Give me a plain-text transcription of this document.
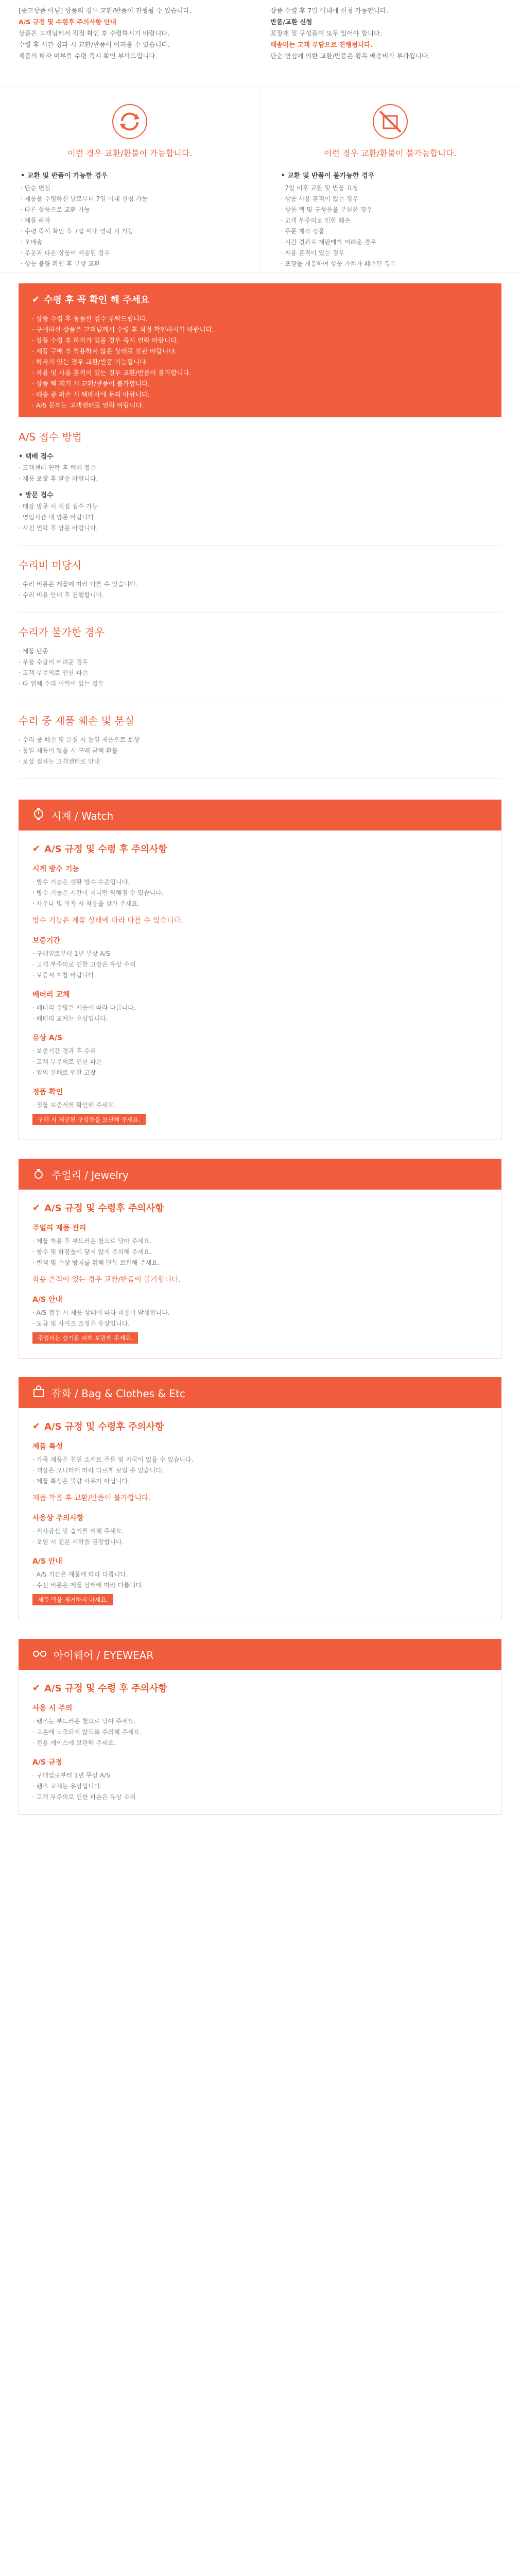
[중고상품 아님] 상품의 경우 교환/반품이 진행될 수 있습니다.
A/S 규정 및 수령후 주의사항 안내
상품은 고객님께서 직접 확인 후 수령하시기 바랍니다.
수령 후 시간 경과 시 교환/반품이 어려울 수 있습니다.
제품의 하자 여부를 수령 즉시 확인 부탁드립니다.
상품 수령 후 7일 이내에 신청 가능합니다.
반품/교환 신청
포장재 및 구성품이 모두 있어야 합니다.
배송비는 고객 부담으로 진행됩니다.
단순 변심에 의한 교환/반품은 왕복 배송비가 부과됩니다.
이런 경우 교환/환불이 가능합니다.
• 교환 및 반품이 가능한 경우
· 단순 변심
· 제품을 수령하신 날로부터 7일 이내 신청 가능
· 다른 상품으로 교환 가능
· 제품 하자
· 수령 즉시 확인 후 7일 이내 연락 시 가능
· 오배송
· 주문과 다른 상품이 배송된 경우
· 상품 불량 확인 후 무상 교환
이런 경우 교환/환불이 불가능합니다.
• 교환 및 반품이 불가능한 경우
· 7일 이후 교환 및 반품 요청
· 상품 사용 흔적이 있는 경우
· 상품 택 및 구성품을 분실한 경우
· 고객 부주의로 인한 훼손
· 주문 제작 상품
· 시간 경과로 재판매가 어려운 경우
· 착용 흔적이 있는 경우
· 포장을 개봉하여 상품 가치가 훼손된 경우
✔ 수령 후 꼭 확인 해 주세요
· 상품 수령 후 꼼꼼한 검수 부탁드립니다.
· 구매하신 상품은 고객님께서 수령 후 직접 확인하시기 바랍니다.
· 상품 수령 후 하자가 있을 경우 즉시 연락 바랍니다.
· 제품 구매 후 착용하지 않은 상태로 보관 바랍니다.
· 하자가 있는 경우 교환/반품 가능합니다.
· 착용 및 사용 흔적이 있는 경우 교환/반품이 불가합니다.
· 상품 택 제거 시 교환/반품이 불가합니다.
· 배송 중 파손 시 택배사에 문의 바랍니다.
· A/S 문의는 고객센터로 연락 바랍니다.
A/S 접수 방법
• 택배 접수
· 고객센터 연락 후 택배 접수
· 제품 포장 후 발송 바랍니다.
• 방문 접수
· 매장 방문 시 직접 접수 가능
· 영업시간 내 방문 바랍니다.
· 사전 연락 후 방문 바랍니다.
수리비 미당시
· 수리 비용은 제품에 따라 다를 수 있습니다.
· 수리 비용 안내 후 진행합니다.
수리가 불가한 경우
· 제품 단종
· 부품 수급이 어려운 경우
· 고객 부주의로 인한 파손
· 타 업체 수리 이력이 있는 경우
수리 중 제품 훼손 및 분실
· 수리 중 훼손 및 분실 시 동일 제품으로 보상
· 동일 제품이 없을 시 구매 금액 환불
· 보상 절차는 고객센터로 안내
시계 / Watch
✔ A/S 규정 및 수령 후 주의사항
시계 방수 기능
· 방수 기능은 생활 방수 수준입니다.
· 방수 기능은 시간이 지나면 약해질 수 있습니다.
· 사우나 및 목욕 시 착용을 삼가 주세요.
방수 기능은 제품 상태에 따라 다를 수 있습니다.
보증기간
· 구매일로부터 1년 무상 A/S
· 고객 부주의로 인한 고장은 유상 수리
· 보증서 지참 바랍니다.
배터리 교체
· 배터리 수명은 제품에 따라 다릅니다.
· 배터리 교체는 유상입니다.
유상 A/S
· 보증기간 경과 후 수리
· 고객 부주의로 인한 파손
· 임의 분해로 인한 고장
정품 확인
· 정품 보증서를 확인해 주세요.
구매 시 제공된 구성품을 보관해 주세요.
주얼리 / Jewelry
✔ A/S 규정 및 수령후 주의사항
주얼리 제품 관리
· 제품 착용 후 부드러운 천으로 닦아 주세요.
· 향수 및 화장품에 닿지 않게 주의해 주세요.
· 변색 및 손상 방지를 위해 단독 보관해 주세요.
착용 흔적이 있는 경우 교환/반품이 불가합니다.
A/S 안내
· A/S 접수 시 제품 상태에 따라 비용이 발생합니다.
· 도금 및 사이즈 조정은 유상입니다.
주얼리는 습기를 피해 보관해 주세요.
잡화 / Bag & Clothes & Etc
✔ A/S 규정 및 수령후 주의사항
제품 특성
· 가죽 제품은 천연 소재로 주름 및 자국이 있을 수 있습니다.
· 색상은 모니터에 따라 다르게 보일 수 있습니다.
· 제품 특성은 불량 사유가 아닙니다.
제품 착용 후 교환/반품이 불가합니다.
사용상 주의사항
· 직사광선 및 습기를 피해 주세요.
· 오염 시 전문 세탁을 권장합니다.
A/S 안내
· A/S 기간은 제품에 따라 다릅니다.
· 수선 비용은 제품 상태에 따라 다릅니다.
제품 택을 제거하지 마세요.
아이웨어 / EYEWEAR
✔ A/S 규정 및 수령 후 주의사항
사용 시 주의
· 렌즈는 부드러운 천으로 닦아 주세요.
· 고온에 노출되지 않도록 주의해 주세요.
· 전용 케이스에 보관해 주세요.
A/S 규정
· 구매일로부터 1년 무상 A/S
· 렌즈 교체는 유상입니다.
· 고객 부주의로 인한 파손은 유상 수리
